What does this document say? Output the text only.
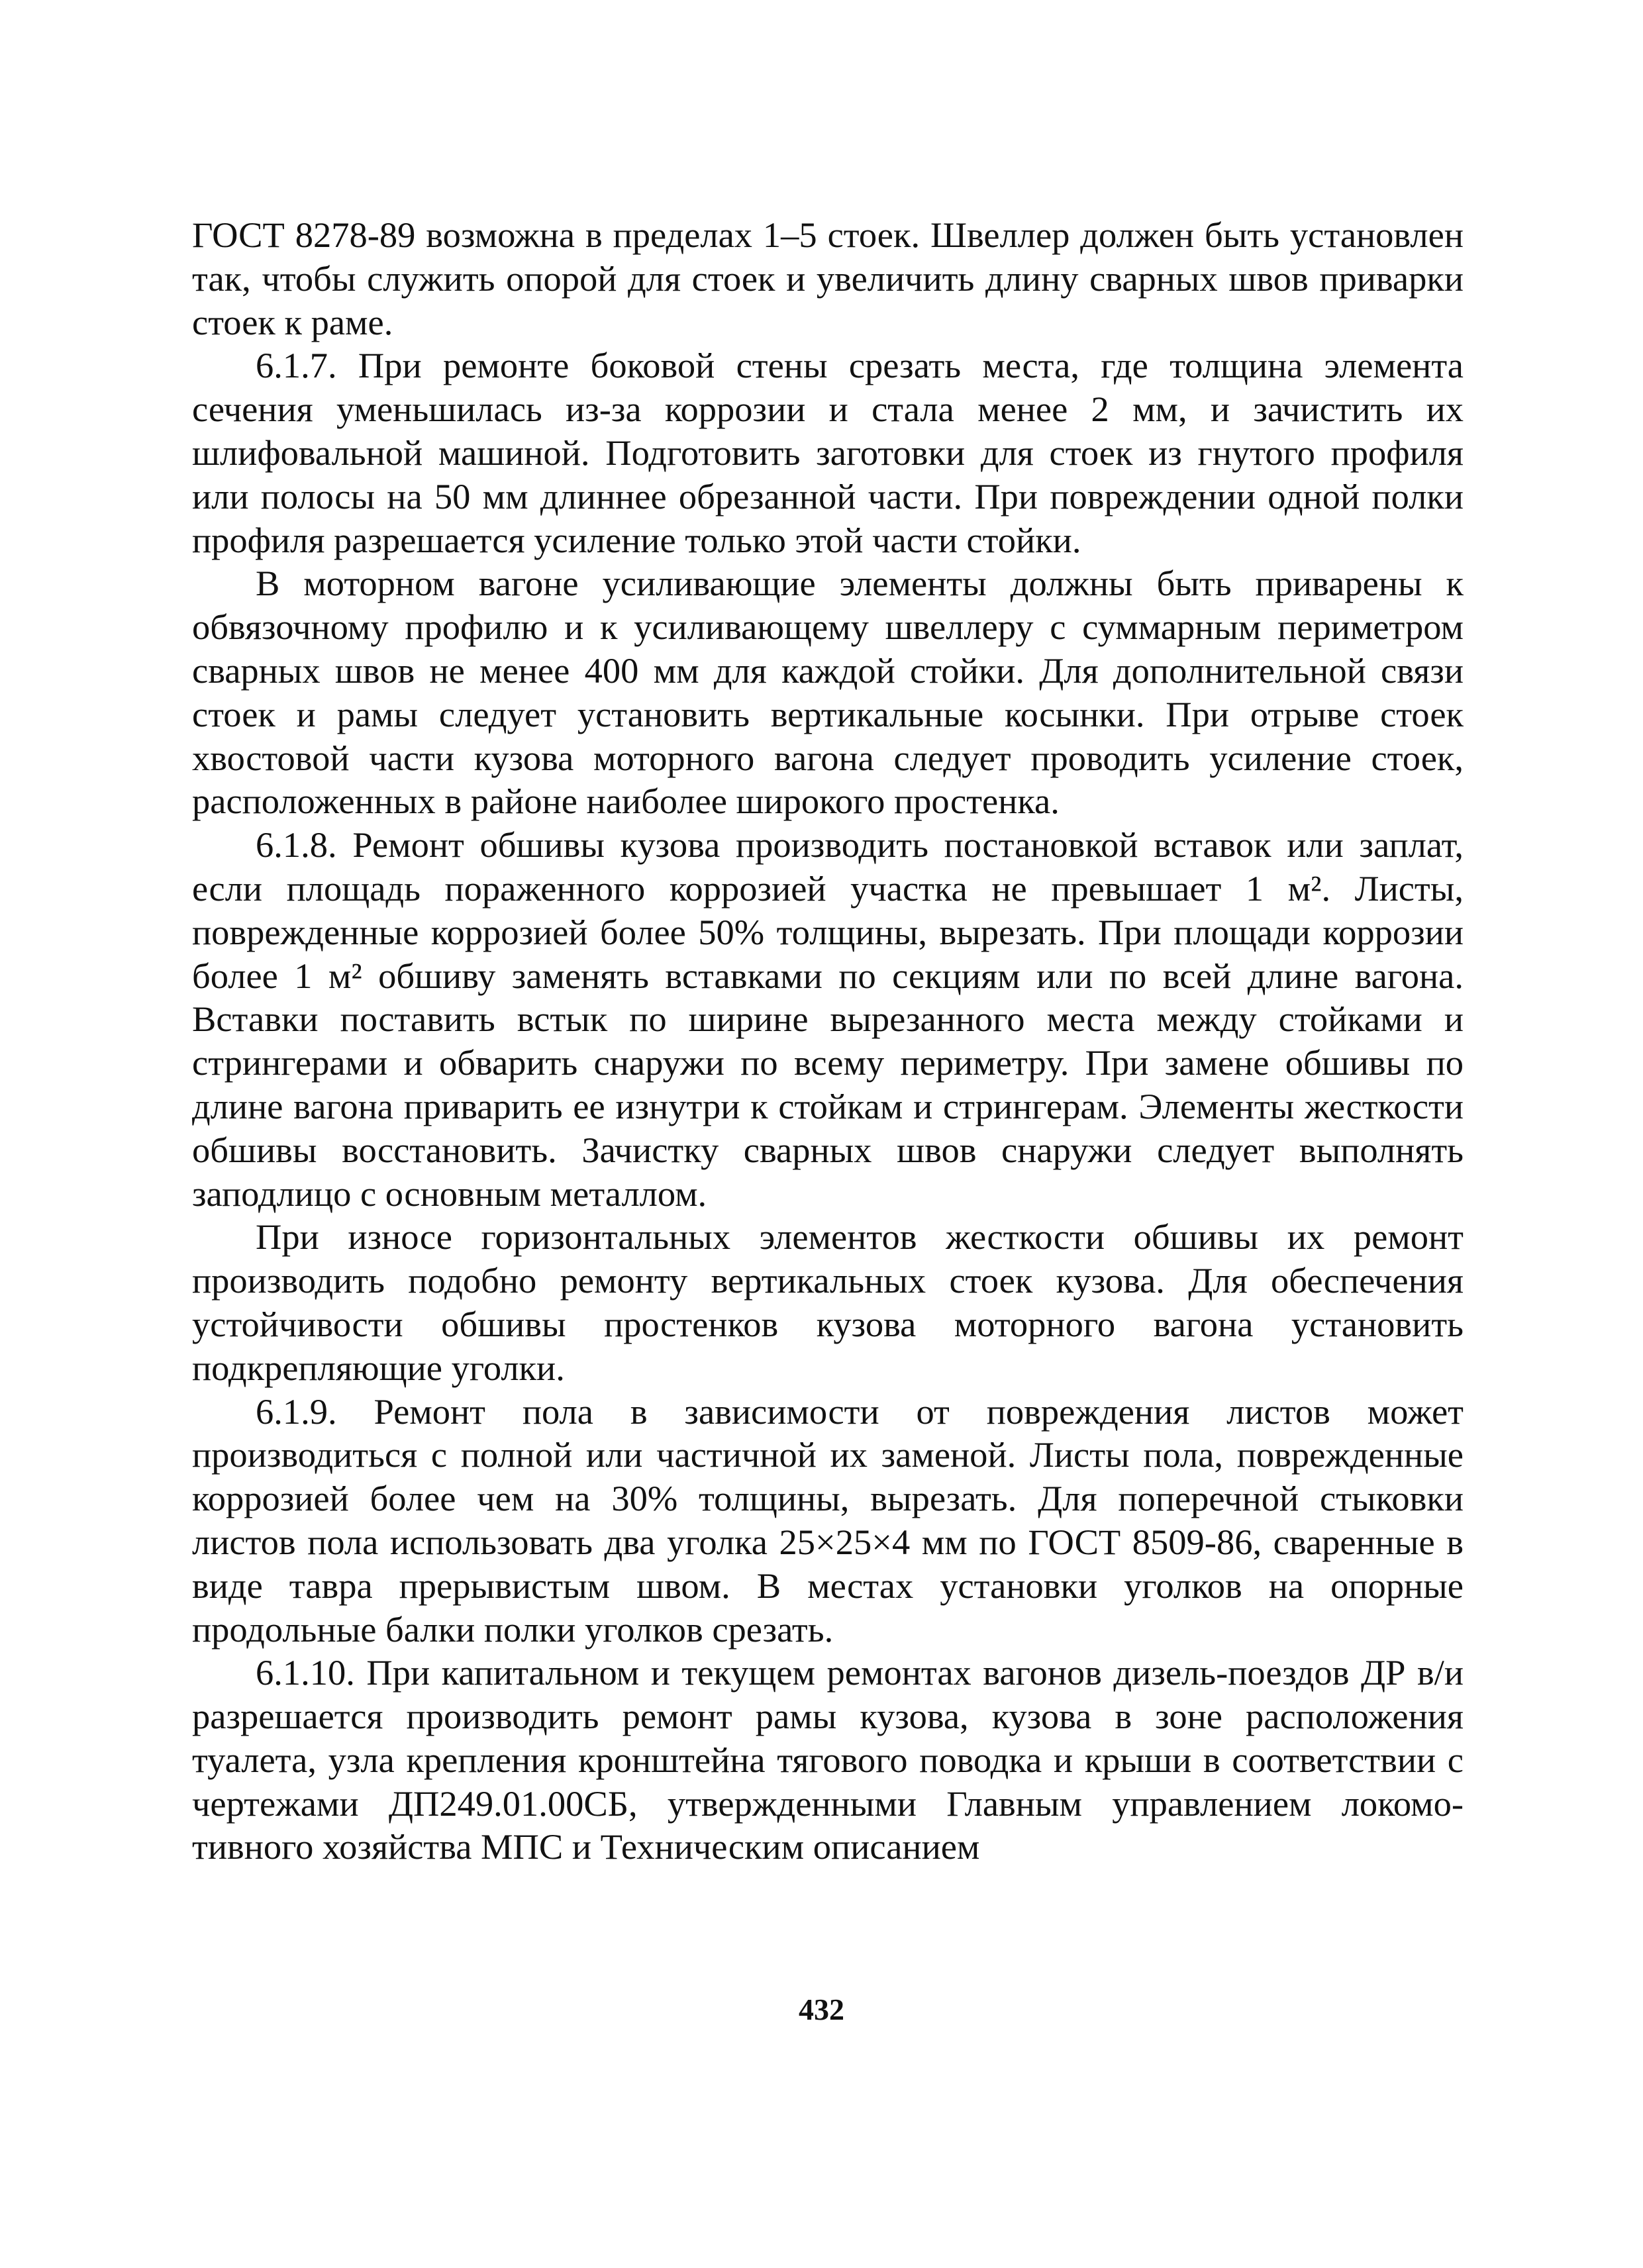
ГОСТ 8278-89 возможна в пределах 1–5 стоек. Швеллер должен быть установлен так, чтобы служить опорой для стоек и увеличить длину сварных швов приварки стоек к раме.

6.1.7. При ремонте боковой стены срезать места, где толщина элемента сечения уменьшилась из-за коррозии и стала менее 2 мм, и зачистить их шлифовальной машиной. Подготовить заготовки для стоек из гнутого профиля или полосы на 50 мм длиннее обрезанной части. При повреждении одной полки профиля разрешается усиление только этой части стойки.

В моторном вагоне усиливающие элементы должны быть приварены к обвязочному профилю и к усиливающему швеллеру с суммарным периметром сварных швов не менее 400 мм для каждой стойки. Для дополнительной связи стоек и рамы следует установить вертикальные косынки. При отрыве стоек хвостовой части кузова моторного вагона следует проводить усиление стоек, расположенных в районе наиболее широкого простенка.

6.1.8. Ремонт обшивы кузова производить постановкой вставок или заплат, если площадь пораженного коррозией участка не превышает 1 м². Листы, поврежденные коррозией более 50% толщины, вырезать. При площади коррозии более 1 м² обшиву заменять вставками по секциям или по всей длине вагона. Вставки поставить встык по ширине вырезанного места между стойками и стрингерами и обварить снаружи по всему периметру. При замене обшивы по длине вагона приварить ее изнутри к стойкам и стрингерам. Элементы жесткости обшивы восстановить. Зачистку сварных швов снаружи следует выполнять заподлицо с основным металлом.

При износе горизонтальных элементов жесткости обшивы их ремонт производить подобно ремонту вертикальных стоек кузова. Для обеспечения устойчивости обшивы простенков кузова моторного вагона установить подкрепляющие уголки.

6.1.9. Ремонт пола в зависимости от повреждения листов может производиться с полной или частичной их заменой. Листы пола, поврежденные коррозией более чем на 30% толщины, вырезать. Для поперечной стыковки листов пола использовать два уголка 25×25×4 мм по ГОСТ 8509-86, сваренные в виде тавра прерывистым швом. В местах установки уголков на опорные продольные балки полки уголков срезать.

6.1.10. При капитальном и текущем ремонтах вагонов дизель-поездов ДР в/и разрешается производить ремонт рамы кузова, кузова в зоне расположения туалета, узла крепления кронштейна тягового поводка и крыши в соответствии с чертежами ДП249.01.00СБ, утвержденными Главным управлением локомо-тивного хозяйства МПС и Техническим описанием

432
